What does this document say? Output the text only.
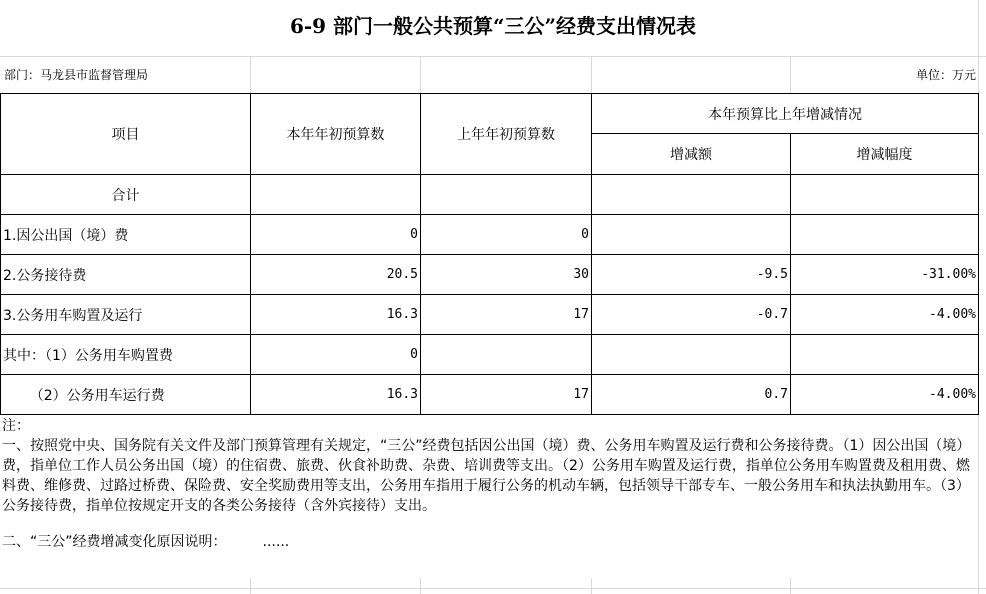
6-9 部门一般公共预算“三公”经费支出情况表
部门：马龙县市监督管理局	单位：万元
项目	本年年初预算数	上年年初预算数	本年预算比上年增减情况	
			增减额	增减幅度
合计				
1.因公出国（境）费	0	0		
2.公务接待费	20.5	30	-9.5	-31.00%
3.公务用车购置及运行	16.3	17	-0.7	-4.00%
其中：（1）公务用车购置费	0			
（2）公务用车运行费	16.3	17	0.7	-4.00%
注：
一、按照党中央、国务院有关文件及部门预算管理有关规定，“三公”经费包括因公出国（境）费、公务用车购置及运行费和公务接待费。（1）因公出国（境）费，指单位工作人员公务出国（境）的住宿费、旅费、伙食补助费、杂费、培训费等支出。（2）公务用车购置及运行费，指单位公务用车购置费及租用费、燃料费、维修费、过路过桥费、保险费、安全奖励费用等支出，公务用车指用于履行公务的机动车辆，包括领导干部专车、一般公务用车和执法执勤用车。（3）公务接待费，指单位按规定开支的各类公务接待（含外宾接待）支出。
二、“三公”经费增减变化原因说明：	......
